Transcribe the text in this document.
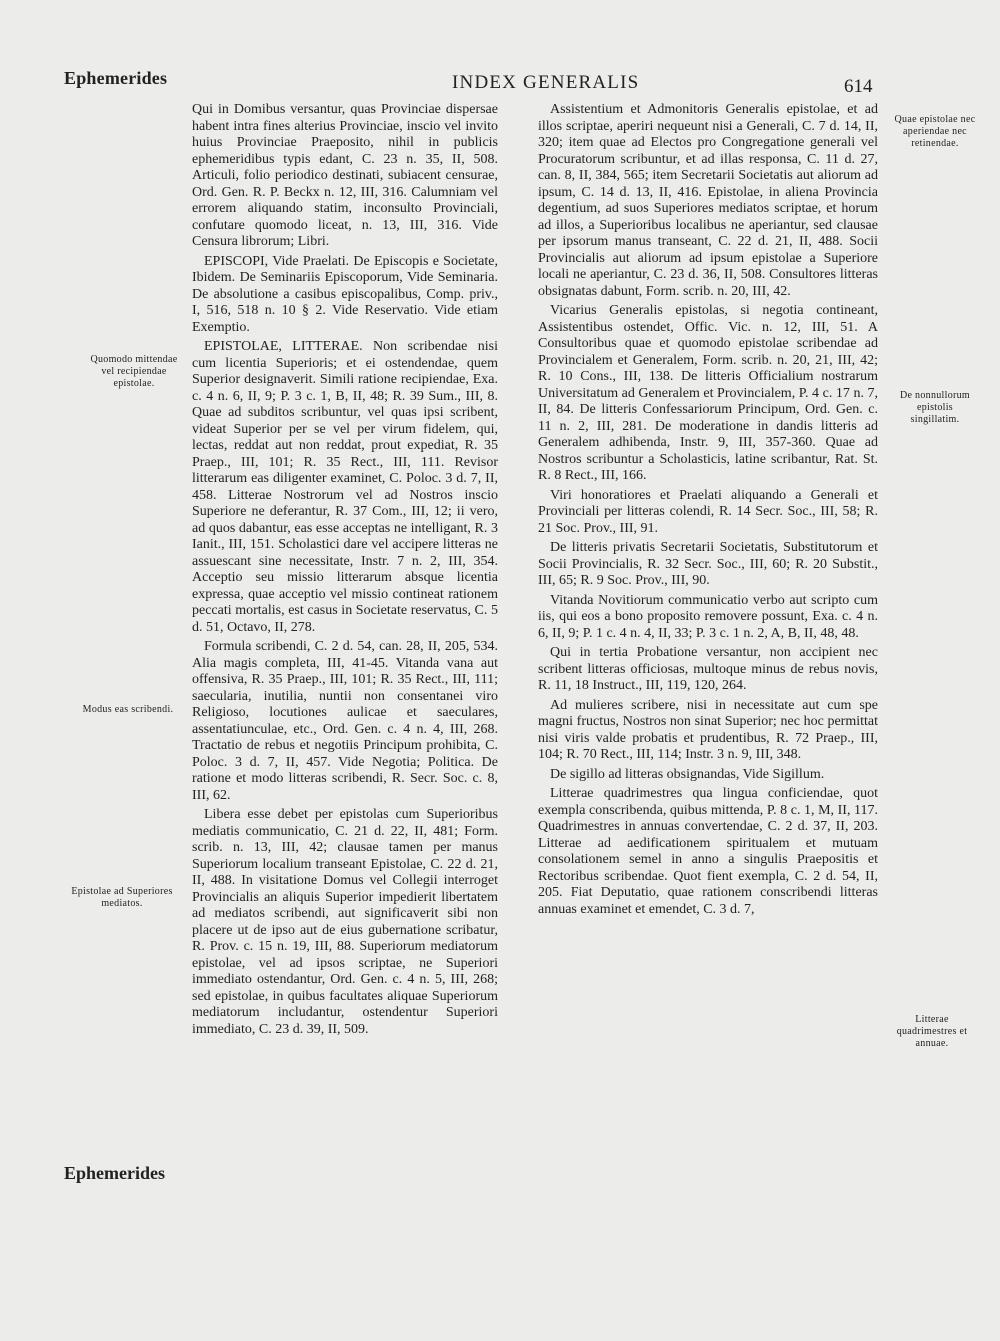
Ephemerides	INDEX GENERALIS	614
Quomodo mittendae vel recipiendae epistolae.
Modus eas scribendi.
Epistolae ad Superiores mediatos.
Quae epistolae nec aperiendae nec retinendae.
De nonnullorum epistolis singillatim.
Litterae quadrimestres et annuae.

Qui in Domibus versantur, quas Provinciae dispersae habent intra fines alterius Provinciae, inscio vel invito huius Provinciae Praeposito, nihil in publicis ephemeridibus typis edant, C. 23 n. 35, II, 508. Articuli, folio periodico destinati, subiacent censurae, Ord. Gen. R. P. Beckx n. 12, III, 316. Calumniam vel errorem aliquando statim, inconsulto Provinciali, confutare quomodo liceat, n. 13, III, 316. Vide Censura librorum; Libri.

EPISCOPI, Vide Praelati. De Episcopis e Societate, Ibidem. De Seminariis Episcoporum, Vide Seminaria. De absolutione a casibus episcopalibus, Comp. priv., I, 516, 518 n. 10 § 2. Vide Reservatio. Vide etiam Exemptio.

EPISTOLAE, LITTERAE. Non scribendae nisi cum licentia Superioris; et ei ostendendae, quem Superior designaverit. Simili ratione recipiendae, Exa. c. 4 n. 6, II, 9; P. 3 c. 1, B, II, 48; R. 39 Sum., III, 8. Quae ad subditos scribuntur, vel quas ipsi scribent, videat Superior per se vel per virum fidelem, qui, lectas, reddat aut non reddat, prout expediat, R. 35 Praep., III, 101; R. 35 Rect., III, 111. Revisor litterarum eas diligenter examinet, C. Poloc. 3 d. 7, II, 458. Litterae Nostrorum vel ad Nostros inscio Superiore ne deferantur, R. 37 Com., III, 12; ii vero, ad quos dabantur, eas esse acceptas ne intelligant, R. 3 Ianit., III, 151. Scholastici dare vel accipere litteras ne assuescant sine necessitate, Instr. 7 n. 2, III, 354. Acceptio seu missio litterarum absque licentia expressa, quae acceptio vel missio contineat rationem peccati mortalis, est casus in Societate reservatus, C. 5 d. 51, Octavo, II, 278.

Formula scribendi, C. 2 d. 54, can. 28, II, 205, 534. Alia magis completa, III, 41-45. Vitanda vana aut offensiva, R. 35 Praep., III, 101; R. 35 Rect., III, 111; saecularia, inutilia, nuntii non consentanei viro Religioso, locutiones aulicae et saeculares, assentatiunculae, etc., Ord. Gen. c. 4 n. 4, III, 268. Tractatio de rebus et negotiis Principum prohibita, C. Poloc. 3 d. 7, II, 457. Vide Negotia; Politica. De ratione et modo litteras scribendi, R. Secr. Soc. c. 8, III, 62.

Libera esse debet per epistolas cum Superioribus mediatis communicatio, C. 21 d. 22, II, 481; Form. scrib. n. 13, III, 42; clausae tamen per manus Superiorum localium transeant Epistolae, C. 22 d. 21, II, 488. In visitatione Domus vel Collegii interroget Provincialis an aliquis Superior impedierit libertatem ad mediatos scribendi, aut significaverit sibi non placere ut de ipso aut de eius gubernatione scribatur, R. Prov. c. 15 n. 19, III, 88. Superiorum mediatorum epistolae, vel ad ipsos scriptae, ne Superiori immediato ostendantur, Ord. Gen. c. 4 n. 5, III, 268; sed epistolae, in quibus facultates aliquae Superiorum mediatorum includantur, ostendentur Superiori immediato, C. 23 d. 39, II, 509.

Assistentium et Admonitoris Generalis epistolae, et ad illos scriptae, aperiri nequeunt nisi a Generali, C. 7 d. 14, II, 320; item quae ad Electos pro Congregatione generali vel Procuratorum scribuntur, et ad illas responsa, C. 11 d. 27, can. 8, II, 384, 565; item Secretarii Societatis aut aliorum ad ipsum, C. 14 d. 13, II, 416. Epistolae, in aliena Provincia degentium, ad suos Superiores mediatos scriptae, et horum ad illos, a Superioribus localibus ne aperiantur, sed clausae per ipsorum manus transeant, C. 22 d. 21, II, 488. Socii Provincialis aut aliorum ad ipsum epistolae a Superiore locali ne aperiantur, C. 23 d. 36, II, 508. Consultores litteras obsignatas dabunt, Form. scrib. n. 20, III, 42.

Vicarius Generalis epistolas, si negotia contineant, Assistentibus ostendet, Offic. Vic. n. 12, III, 51. A Consultoribus quae et quomodo epistolae scribendae ad Provincialem et Generalem, Form. scrib. n. 20, 21, III, 42; R. 10 Cons., III, 138. De litteris Officialium nostrarum Universitatum ad Generalem et Provincialem, P. 4 c. 17 n. 7, II, 84. De litteris Confessariorum Principum, Ord. Gen. c. 11 n. 2, III, 281. De moderatione in dandis litteris ad Generalem adhibenda, Instr. 9, III, 357-360. Quae ad Nostros scribuntur a Scholasticis, latine scribantur, Rat. St. R. 8 Rect., III, 166.

Viri honoratiores et Praelati aliquando a Generali et Provinciali per litteras colendi, R. 14 Secr. Soc., III, 58; R. 21 Soc. Prov., III, 91.

De litteris privatis Secretarii Societatis, Substitutorum et Socii Provincialis, R. 32 Secr. Soc., III, 60; R. 20 Substit., III, 65; R. 9 Soc. Prov., III, 90.

Vitanda Novitiorum communicatio verbo aut scripto cum iis, qui eos a bono proposito removere possunt, Exa. c. 4 n. 6, II, 9; P. 1 c. 4 n. 4, II, 33; P. 3 c. 1 n. 2, A, B, II, 48, 48.

Qui in tertia Probatione versantur, non accipient nec scribent litteras officiosas, multoque minus de rebus novis, R. 11, 18 Instruct., III, 119, 120, 264.

Ad mulieres scribere, nisi in necessitate aut cum spe magni fructus, Nostros non sinat Superior; nec hoc permittat nisi viris valde probatis et prudentibus, R. 72 Praep., III, 104; R. 70 Rect., III, 114; Instr. 3 n. 9, III, 348.

De sigillo ad litteras obsignandas, Vide Sigillum.

Litterae quadrimestres qua lingua conficiendae, quot exempla conscribenda, quibus mittenda, P. 8 c. 1, M, II, 117. Quadrimestres in annuas convertendae, C. 2 d. 37, II, 203. Litterae ad aedificationem spiritualem et mutuam consolationem semel in anno a singulis Praepositis et Rectoribus scribendae. Quot fient exempla, C. 2 d. 54, II, 205. Fiat Deputatio, quae rationem conscribendi litteras annuas examinet et emendet, C. 3 d. 7,

Ephemerides
